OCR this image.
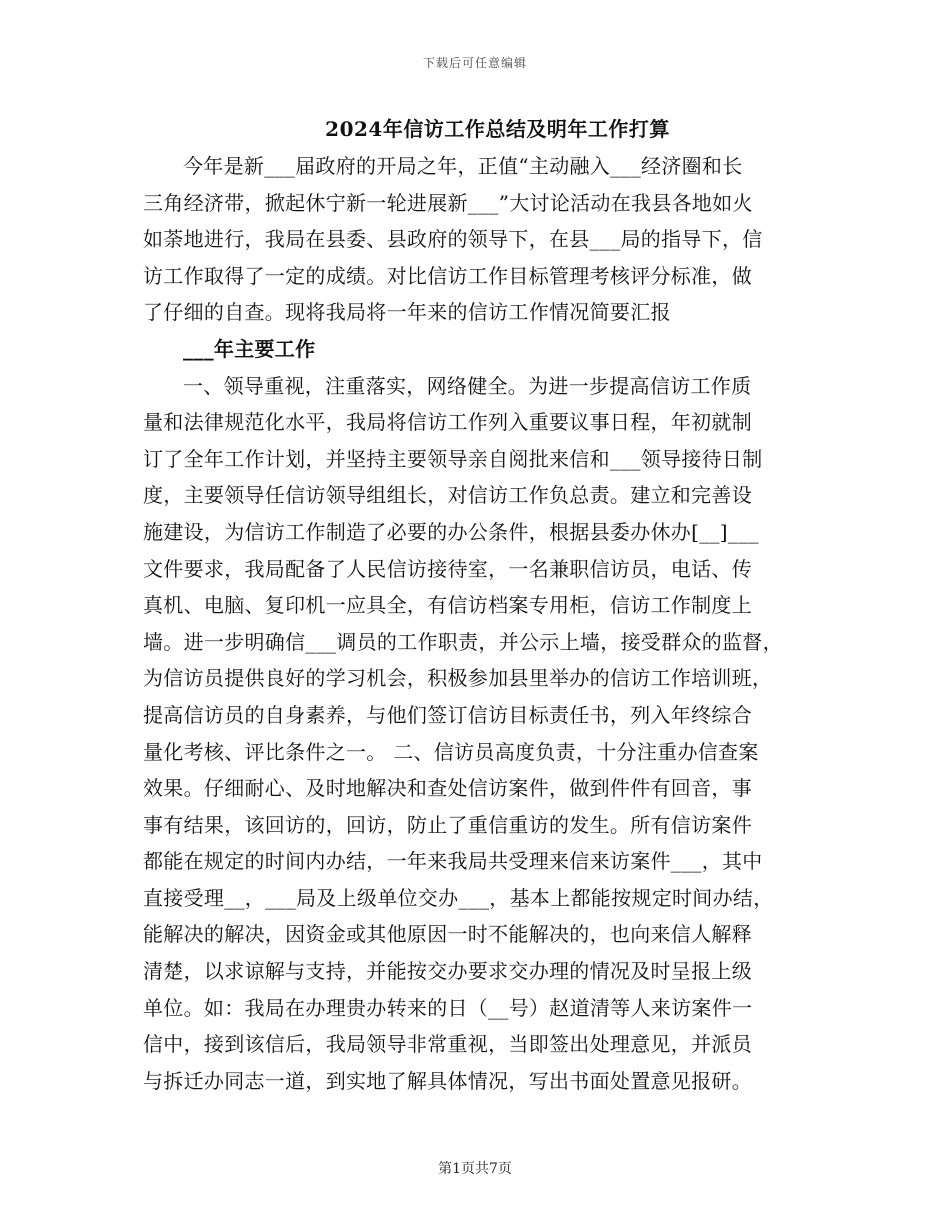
下载后可任意编辑
2024年信访工作总结及明年工作打算
今年是新___届政府的开局之年，正值“主动融入___经济圈和长
三角经济带，掀起休宁新一轮进展新___”大讨论活动在我县各地如火
如荼地进行，我局在县委、县政府的领导下，在县___局的指导下，信
访工作取得了一定的成绩。对比信访工作目标管理考核评分标准，做
了仔细的自查。现将我局将一年来的信访工作情况简要汇报
___年主要工作
一、领导重视，注重落实，网络健全。为进一步提高信访工作质
量和法律规范化水平，我局将信访工作列入重要议事日程，年初就制
订了全年工作计划，并坚持主要领导亲自阅批来信和___领导接待日制
度，主要领导任信访领导组组长，对信访工作负总责。建立和完善设
施建设，为信访工作制造了必要的办公条件，根据县委办休办[__]___
文件要求，我局配备了人民信访接待室，一名兼职信访员，电话、传
真机、电脑、复印机一应具全，有信访档案专用柜，信访工作制度上
墙。进一步明确信___调员的工作职责，并公示上墙，接受群众的监督，
为信访员提供良好的学习机会，积极参加县里举办的信访工作培训班，
提高信访员的自身素养，与他们签订信访目标责任书，列入年终综合
量化考核、评比条件之一。 二、信访员高度负责，十分注重办信查案
效果。仔细耐心、及时地解决和查处信访案件，做到件件有回音，事
事有结果，该回访的，回访，防止了重信重访的发生。所有信访案件
都能在规定的时间内办结，一年来我局共受理来信来访案件___，其中
直接受理__，___局及上级单位交办___，基本上都能按规定时间办结，
能解决的解决，因资金或其他原因一时不能解决的，也向来信人解释
清楚，以求谅解与支持，并能按交办要求交办理的情况及时呈报上级
单位。如：我局在办理贵办转来的日（__号）赵道清等人来访案件一
信中，接到该信后，我局领导非常重视，当即签出处理意见，并派员
与拆迁办同志一道，到实地了解具体情况，写出书面处置意见报研。
第1页共7页
